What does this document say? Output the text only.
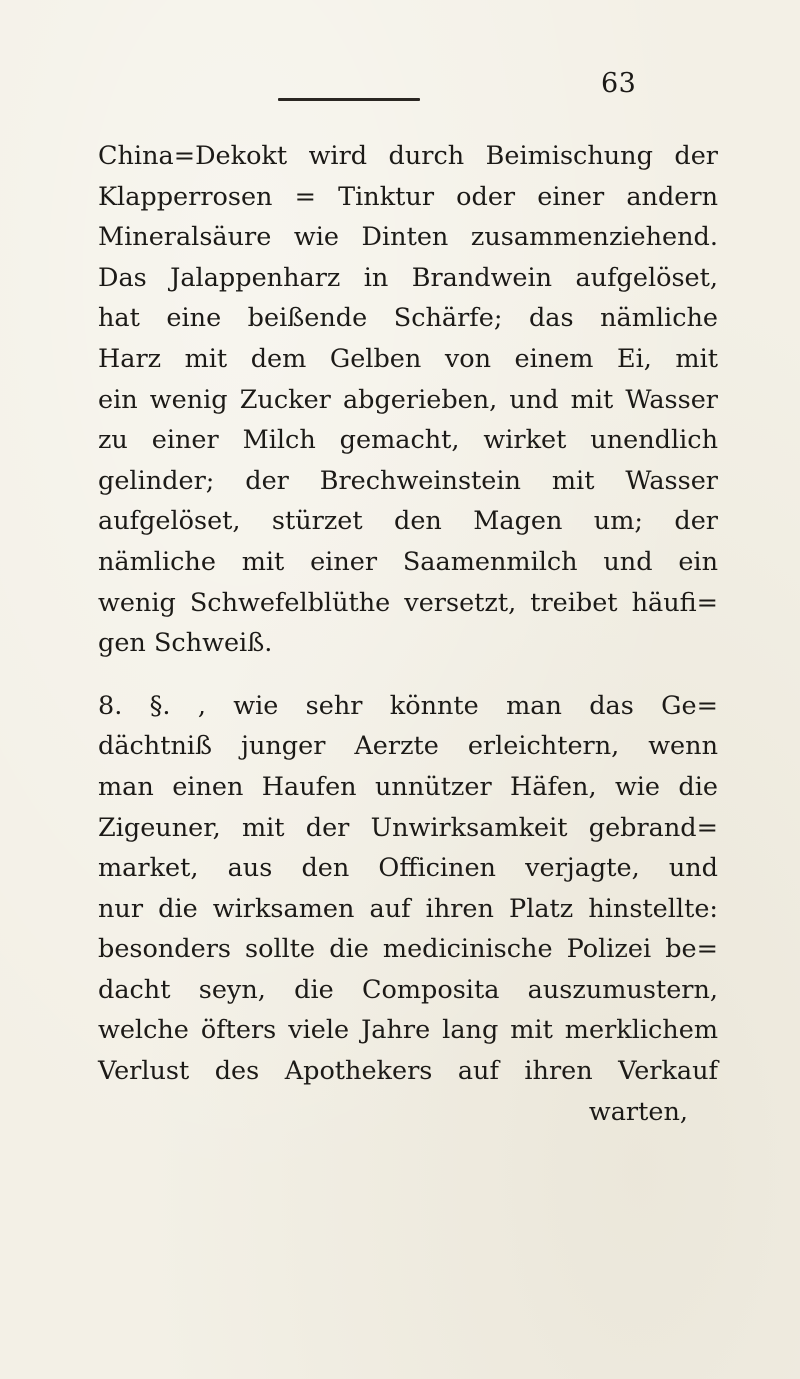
63
China=Dekokt wird durch Beimischung der
Klapperrosen = Tinktur oder einer andern
Mineralsäure wie Dinten zusammenziehend.
Das Jalappenharz in Brandwein aufgelöset,
hat eine beißende Schärfe; das nämliche
Harz mit dem Gelben von einem Ei, mit
ein wenig Zucker abgerieben, und mit Wasser
zu einer Milch gemacht, wirket unendlich
gelinder; der Brechweinstein mit Wasser
aufgelöset, stürzet den Magen um; der
nämliche mit einer Saamenmilch und ein
wenig Schwefelblüthe versetzt, treibet häufi=
gen Schweiß.
8. §. , wie sehr könnte man das Ge=
dächtniß junger Aerzte erleichtern, wenn
man einen Haufen unnützer Häfen, wie die
Zigeuner, mit der Unwirksamkeit gebrand=
market, aus den Officinen verjagte, und
nur die wirksamen auf ihren Platz hinstellte:
besonders sollte die medicinische Polizei be=
dacht seyn, die Composita auszumustern,
welche öfters viele Jahre lang mit merklichem
Verlust des Apothekers auf ihren Verkauf
warten,
